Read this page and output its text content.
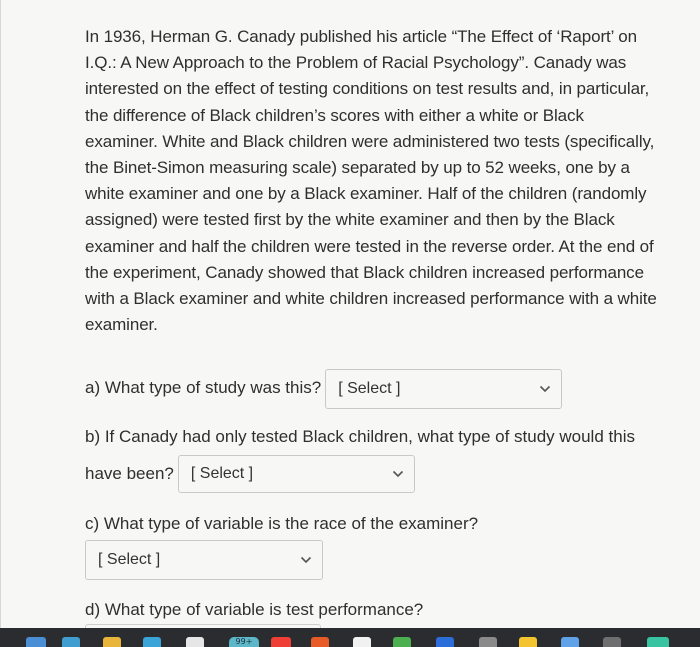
In 1936, Herman G. Canady published his article “The Effect of ‘Raport’ on I.Q.: A New Approach to the Problem of Racial Psychology”. Canady was interested on the effect of testing conditions on test results and, in particular, the difference of Black children’s scores with either a white or Black examiner. White and Black children were administered two tests (specifically, the Binet-Simon measuring scale) separated by up to 52 weeks, one by a white examiner and one by a Black examiner. Half of the children (randomly assigned) were tested first by the white examiner and then by the Black examiner and half the children were tested in the reverse order. At the end of the experiment, Canady showed that Black children increased performance with a Black examiner and white children increased performance with a white examiner.

a) What type of study was this? [ Select ]
b) If Canady had only tested Black children, what type of study would this
have been? [ Select ]
c) What type of variable is the race of the examiner?
[ Select ]
d) What type of variable is test performance?
99+
